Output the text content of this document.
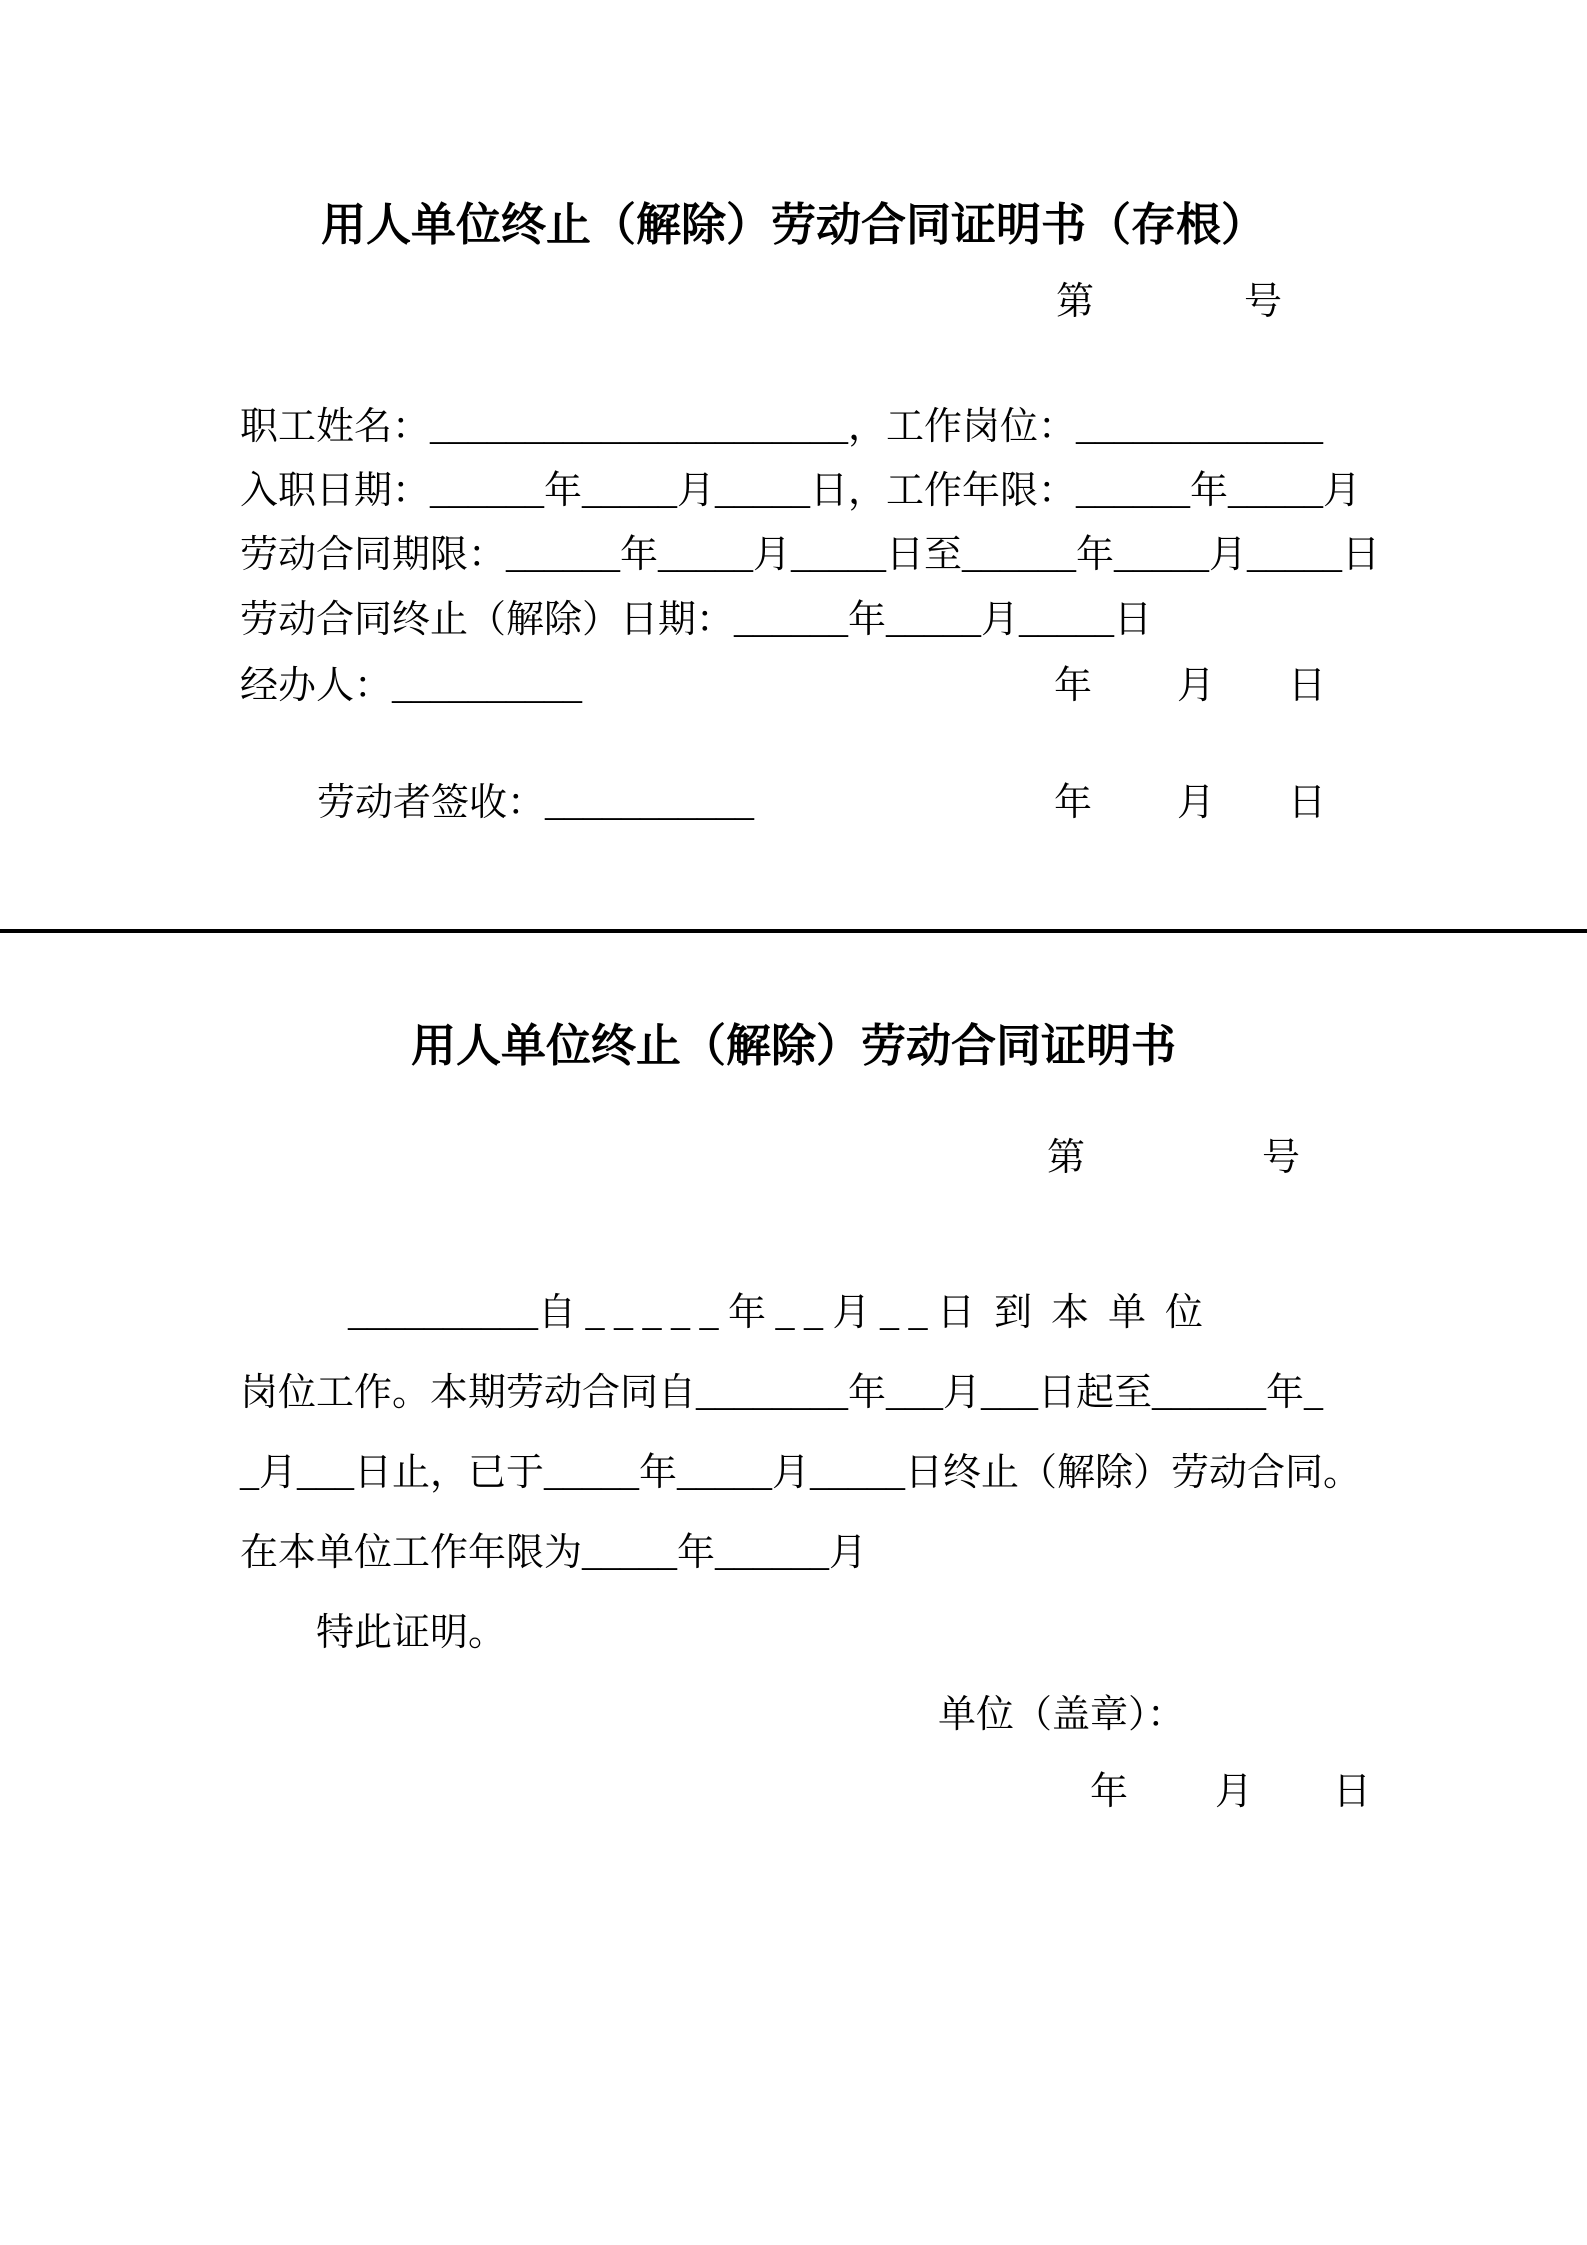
用人单位终止（解除）劳动合同证明书（存根）
第	号
职工姓名：______________________，工作岗位：_____________
入职日期：______年_____月_____日，工作年限：______年_____月
劳动合同期限：______年_____月_____日至______年_____月_____日
劳动合同终止（解除）日期：______年_____月_____日
经办人：__________	年 月 日
劳动者签收：___________	年 月 日
用人单位终止（解除）劳动合同证明书
第	号
__________自 _ _ _ _ _ 年 _ _ 月 _ _ 日  到  本  单  位
岗位工作。本期劳动合同自________年___月___日起至______年_
_月___日止，已于_____年_____月_____日终止（解除）劳动合同。
在本单位工作年限为_____年______月
特此证明。
单位（盖章）：
年 月 日
